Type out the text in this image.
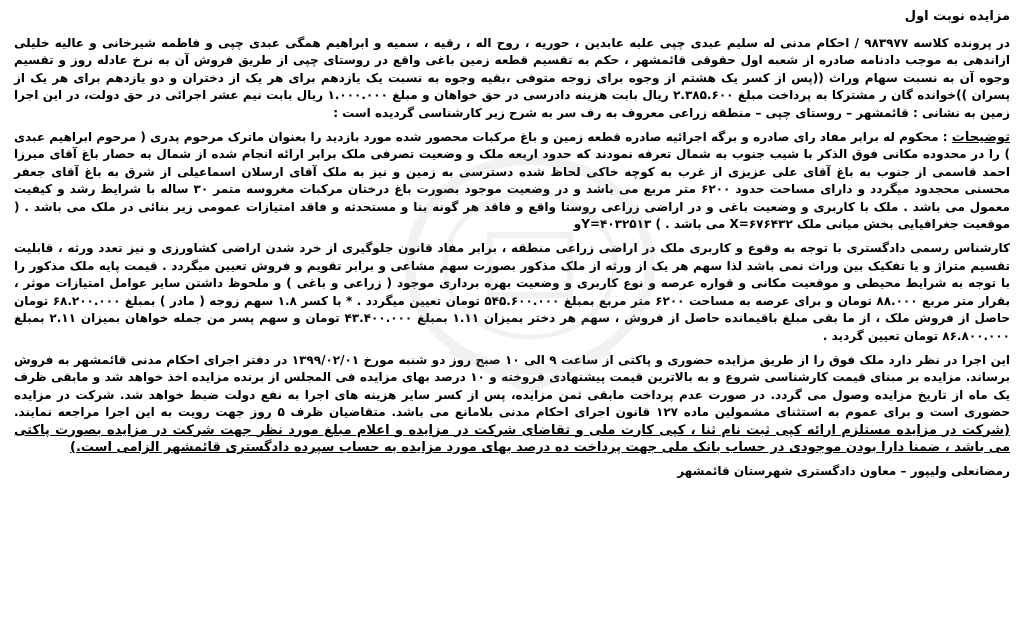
مزایده نوبت اول

در پرونده کلاسه ۹۸۳۹۷۷ / احکام مدنی له سلیم عبدی چپی علیه عابدین ، حوریه ، روح اله ، رقیه ، سمیه و ابراهیم همگی عبدی چپی و فاطمه شیرخانی و عالیه خلیلی ازاندهی به موجب دادنامه صادره از شعبه اول حقوقی قائمشهر ، حکم به تقسیم قطعه زمین باغی واقع در روستای چپی از طریق فروش آن به نرخ عادله روز و تقسیم وجوه آن به نسبت سهام وراث ((پس از کسر یک هشتم از وجوه برای زوجه متوفی ،بقیه وجوه به نسبت یک یازدهم برای هر یک از دختران و دو یازدهم برای هر یک از پسران ))خوانده گان ر مشترکا به پرداخت مبلغ ۲.۳۸۵.۶۰۰ ریال بابت هزینه دادرسی در حق خواهان و مبلغ ۱.۰۰۰.۰۰۰ ریال بابت نیم عشر اجرائی در حق دولت، در این اجرا زمین به نشانی : قائمشهر – روستای چپی – منطقه زراعی معروف به رف سر به شرح زیر کارشناسی گردیده است :

توضیحات : محکوم له برابر مفاد رای صادره و برگه اجرائیه صادره قطعه زمین و باغ مرکبات محصور شده مورد بازدید را بعنوان ماترک مرحوم پدری ( مرحوم ابراهیم عبدی ) را در محدوده مکانی فوق الذکر با شیب جنوب به شمال تعرفه نمودند که حدود اربعه ملک و وضعیت تصرفی ملک برابر ارائه انجام شده از شمال به حصار باغ آقای میرزا احمد قاسمی از جنوب به باغ آقای علی عزیزی از غرب به کوچه خاکی لحاظ شده دسترسی به زمین و نیز به ملک آقای ارسلان اسماعیلی از شرق به باغ آقای جعفر محسنی محجدود میگردد و دارای مساحت حدود ۶۲۰۰ متر مربع می باشد و در وضعیت موجود بصورت باغ درختان مرکبات مغروسه متمر ۳۰ ساله با شرایط رشد و کیفیت معمول می باشد . ملک با کاربری و وضعیت باغی و در اراضی زراعی روستا واقع و فاقد هر گونه بنا و مستحدثه و فاقد امتیازات عمومی زیر بنائی در ملک می باشد . ( موقعیت جغرافیایی بخش میانی ملک X=۶۷۶۴۳۲ می باشد . ) Y=۴۰۳۲۵۱۳و

کارشناس رسمی دادگستری با توجه به وقوع و کاربری ملک در اراضی زراعی منطقه ، برابر مفاد قانون جلوگیری از خرد شدن اراضی کشاورزی و نیز تعدد ورثه ، قابلیت تقسیم متراژ و یا تفکیک بین وراث نمی باشد لذا سهم هر یک از ورثه از ملک مذکور بصورت سهم مشاعی و برابر تقویم و فروش تعیین میگردد . قیمت پایه ملک مذکور را با توجه به شرایط محیطی و موقعیت مکانی و قواره عرصه و نوع کاربری و وضعیت بهره برداری موجود ( زراعی و باغی ) و ملحوظ داشتن سایر عوامل امتیازات موثر ، بقرار متر مربع ۸۸.۰۰۰ تومان و برای عرصه به مساحت ۶۲۰۰ متر مربع بمبلغ ۵۴۵.۶۰۰.۰۰۰ تومان تعیین میگردد . * با کسر ۱.۸ سهم زوجه ( مادر ) بمبلغ ۶۸.۲۰۰.۰۰۰ تومان حاصل از فروش ملک ، از ما بقی مبلغ باقیمانده حاصل از فروش ، سهم هر دختر بمیزان ۱.۱۱ بمبلغ ۴۳.۴۰۰.۰۰۰ تومان و سهم پسر من جمله خواهان بمیزان ۲.۱۱ بمبلغ ۸۶.۸۰۰.۰۰۰ تومان تعیین گردید .

این اجرا در نظر دارد ملک فوق را از طریق مزایده حضوری و پاکتی از ساعت ۹ الی ۱۰ صبح روز دو شنبه مورخ ۱۳۹۹/۰۲/۰۱ در دفتر اجرای احکام مدنی قائمشهر به فروش برساند. مزایده بر مبنای قیمت کارشناسی شروع و به بالاترین قیمت پیشنهادی فروخته و ۱۰ درصد بهای مزایده فی المجلس از برنده مزایده اخذ خواهد شد و مابقی ظرف یک ماه از تاریخ مزایده وصول می گردد. در صورت عدم پرداخت مابقی ثمن مزایده، پس از کسر سایر هزینه های اجرا به نفع دولت ضبط خواهد شد. شرکت در مزایده حضوری است و برای عموم به استثنای مشمولین ماده ۱۲۷ قانون اجرای احکام مدنی بلامانع می باشد. متقاضیان ظرف ۵ روز جهت رویت به این اجرا مراجعه نمایند. (شرکت در مزایده مستلزم ارائه کپی ثبت نام ثنا ، کپی کارت ملی و تقاضای شرکت در مزایده و اعلام مبلغ مورد نظر جهت شرکت در مزایده بصورت پاکتی می باشد ، ضمنا دارا بودن موجودی در حساب بانک ملی جهت پرداخت ده درصد بهای مورد مزایده به حساب سپرده دادگستری قائمشهر الزامی است.)

رمضانعلی ولیپور – معاون دادگستری شهرستان قائمشهر
